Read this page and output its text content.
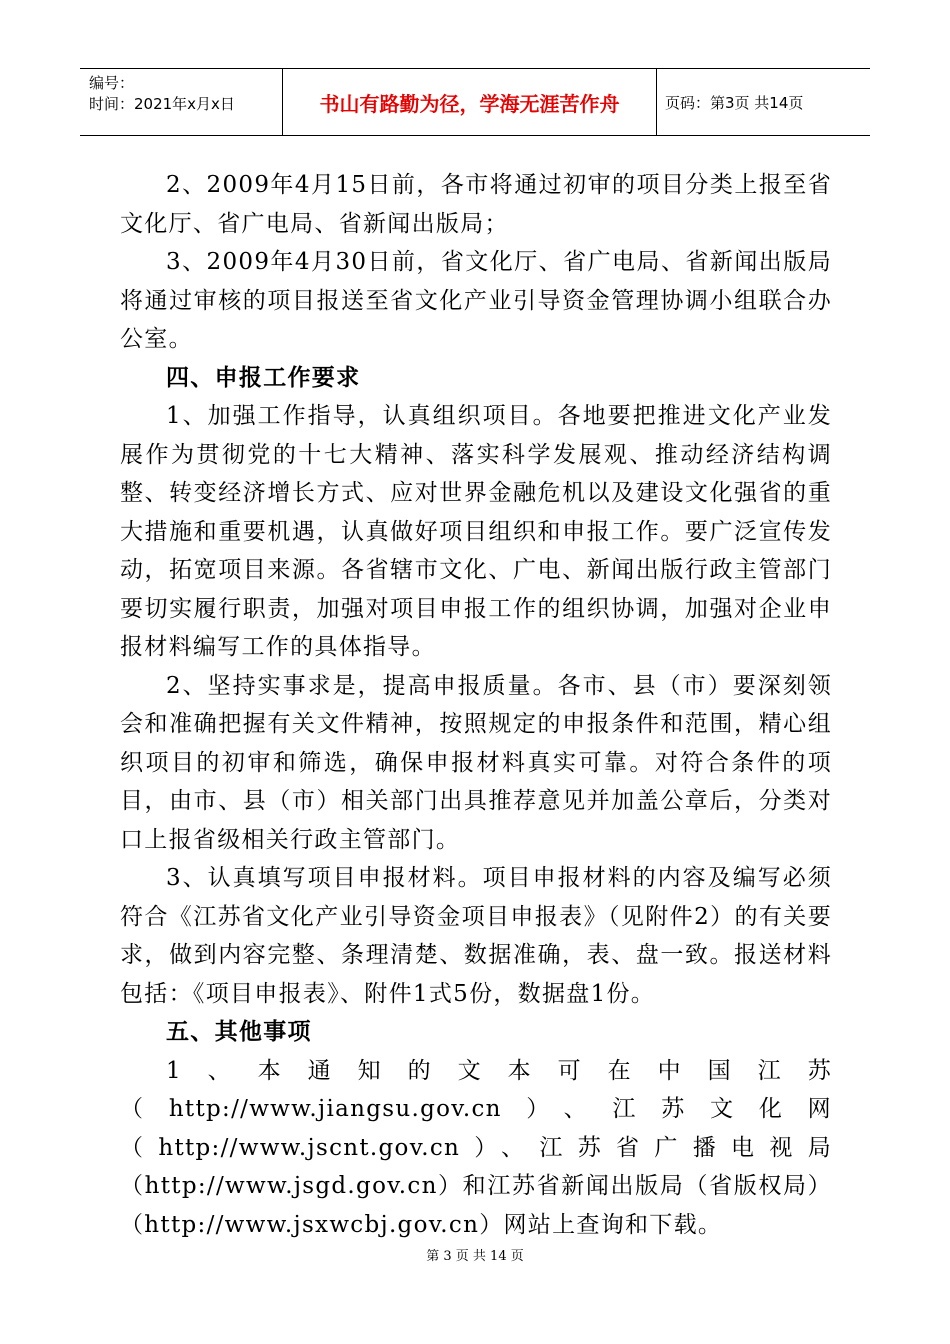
编号：
时间：2021年x月x日	书山有路勤为径，学海无涯苦作舟	页码：第3页 共14页

2、2009年4月15日前，各市将通过初审的项目分类上报至省文化厅、省广电局、省新闻出版局；

3、2009年4月30日前，省文化厅、省广电局、省新闻出版局将通过审核的项目报送至省文化产业引导资金管理协调小组联合办公室。

四、申报工作要求

1、加强工作指导，认真组织项目。各地要把推进文化产业发展作为贯彻党的十七大精神、落实科学发展观、推动经济结构调整、转变经济增长方式、应对世界金融危机以及建设文化强省的重大措施和重要机遇，认真做好项目组织和申报工作。要广泛宣传发动，拓宽项目来源。各省辖市文化、广电、新闻出版行政主管部门要切实履行职责，加强对项目申报工作的组织协调，加强对企业申报材料编写工作的具体指导。

2、坚持实事求是，提高申报质量。各市、县（市）要深刻领会和准确把握有关文件精神，按照规定的申报条件和范围，精心组织项目的初审和筛选，确保申报材料真实可靠。对符合条件的项目，由市、县（市）相关部门出具推荐意见并加盖公章后，分类对口上报省级相关行政主管部门。

3、认真填写项目申报材料。项目申报材料的内容及编写必须符合《江苏省文化产业引导资金项目申报表》（见附件2）的有关要求，做到内容完整、条理清楚、数据准确，表、盘一致。报送材料包括：《项目申报表》、附件1式5份，数据盘1份。

五、其他事项

1、本通知的文本可在中国江苏（http://www.jiangsu.gov.cn）、江苏文化网（http://www.jscnt.gov.cn）、江苏省广播电视局（http://www.jsgd.gov.cn）和江苏省新闻出版局（省版权局）（http://www.jsxwcbj.gov.cn）网站上查询和下载。

第 3 页 共 14 页
